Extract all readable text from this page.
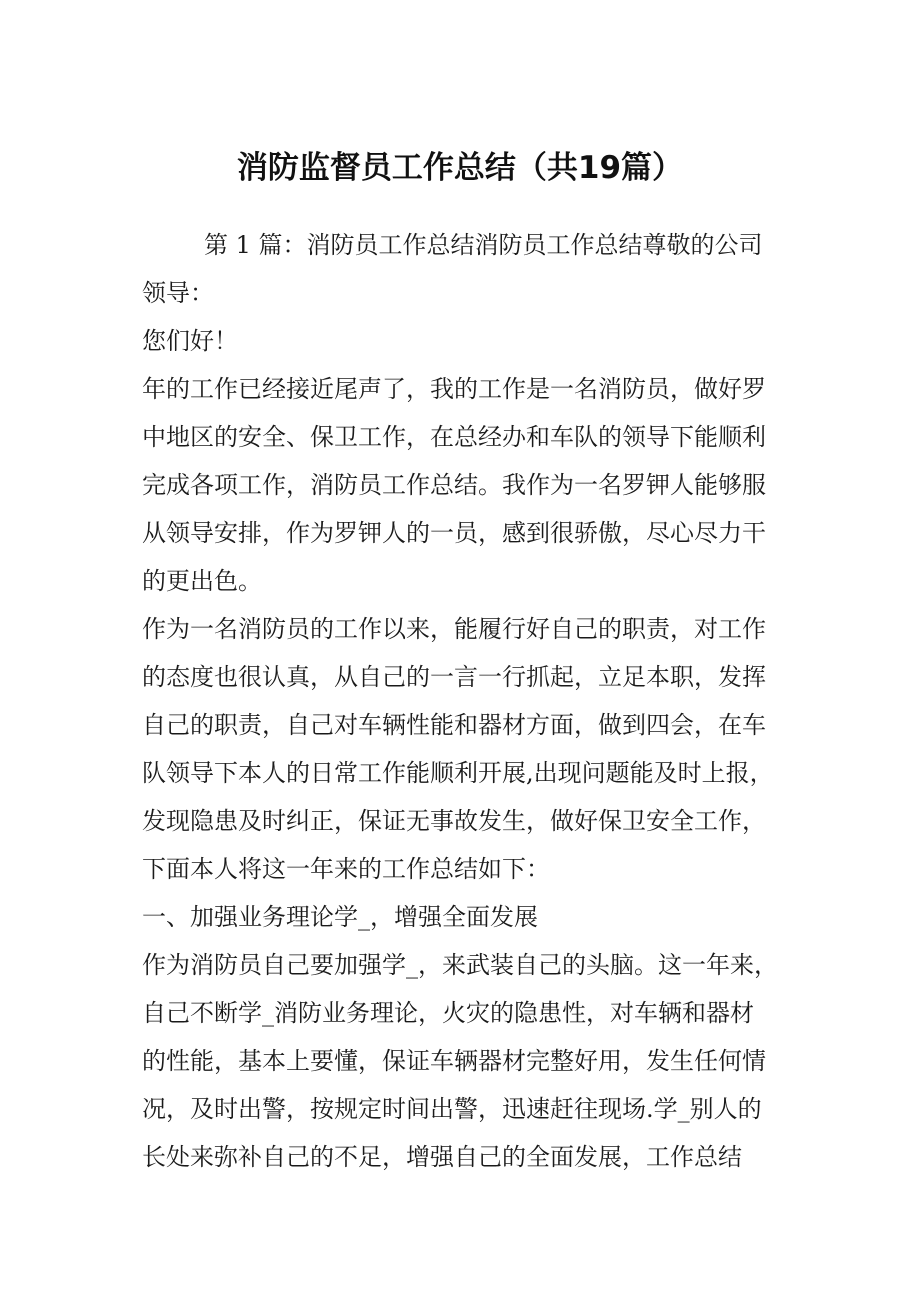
消防监督员工作总结（共19篇）
第 1 篇：消防员工作总结消防员工作总结尊敬的公司
领导：
您们好！
年的工作已经接近尾声了，我的工作是一名消防员，做好罗
中地区的安全、保卫工作，在总经办和车队的领导下能顺利
完成各项工作，消防员工作总结。我作为一名罗钾人能够服
从领导安排，作为罗钾人的一员，感到很骄傲，尽心尽力干
的更出色。
作为一名消防员的工作以来，能履行好自己的职责，对工作
的态度也很认真，从自己的一言一行抓起，立足本职，发挥
自己的职责，自己对车辆性能和器材方面，做到四会，在车
队领导下本人的日常工作能顺利开展,出现问题能及时上报，
发现隐患及时纠正，保证无事故发生，做好保卫安全工作，
下面本人将这一年来的工作总结如下：
一、加强业务理论学_，增强全面发展
作为消防员自己要加强学_，来武装自己的头脑。这一年来，
自己不断学_消防业务理论，火灾的隐患性，对车辆和器材
的性能，基本上要懂，保证车辆器材完整好用，发生任何情
况，及时出警，按规定时间出警，迅速赶往现场.学_别人的
长处来弥补自己的不足，增强自己的全面发展，工作总结
